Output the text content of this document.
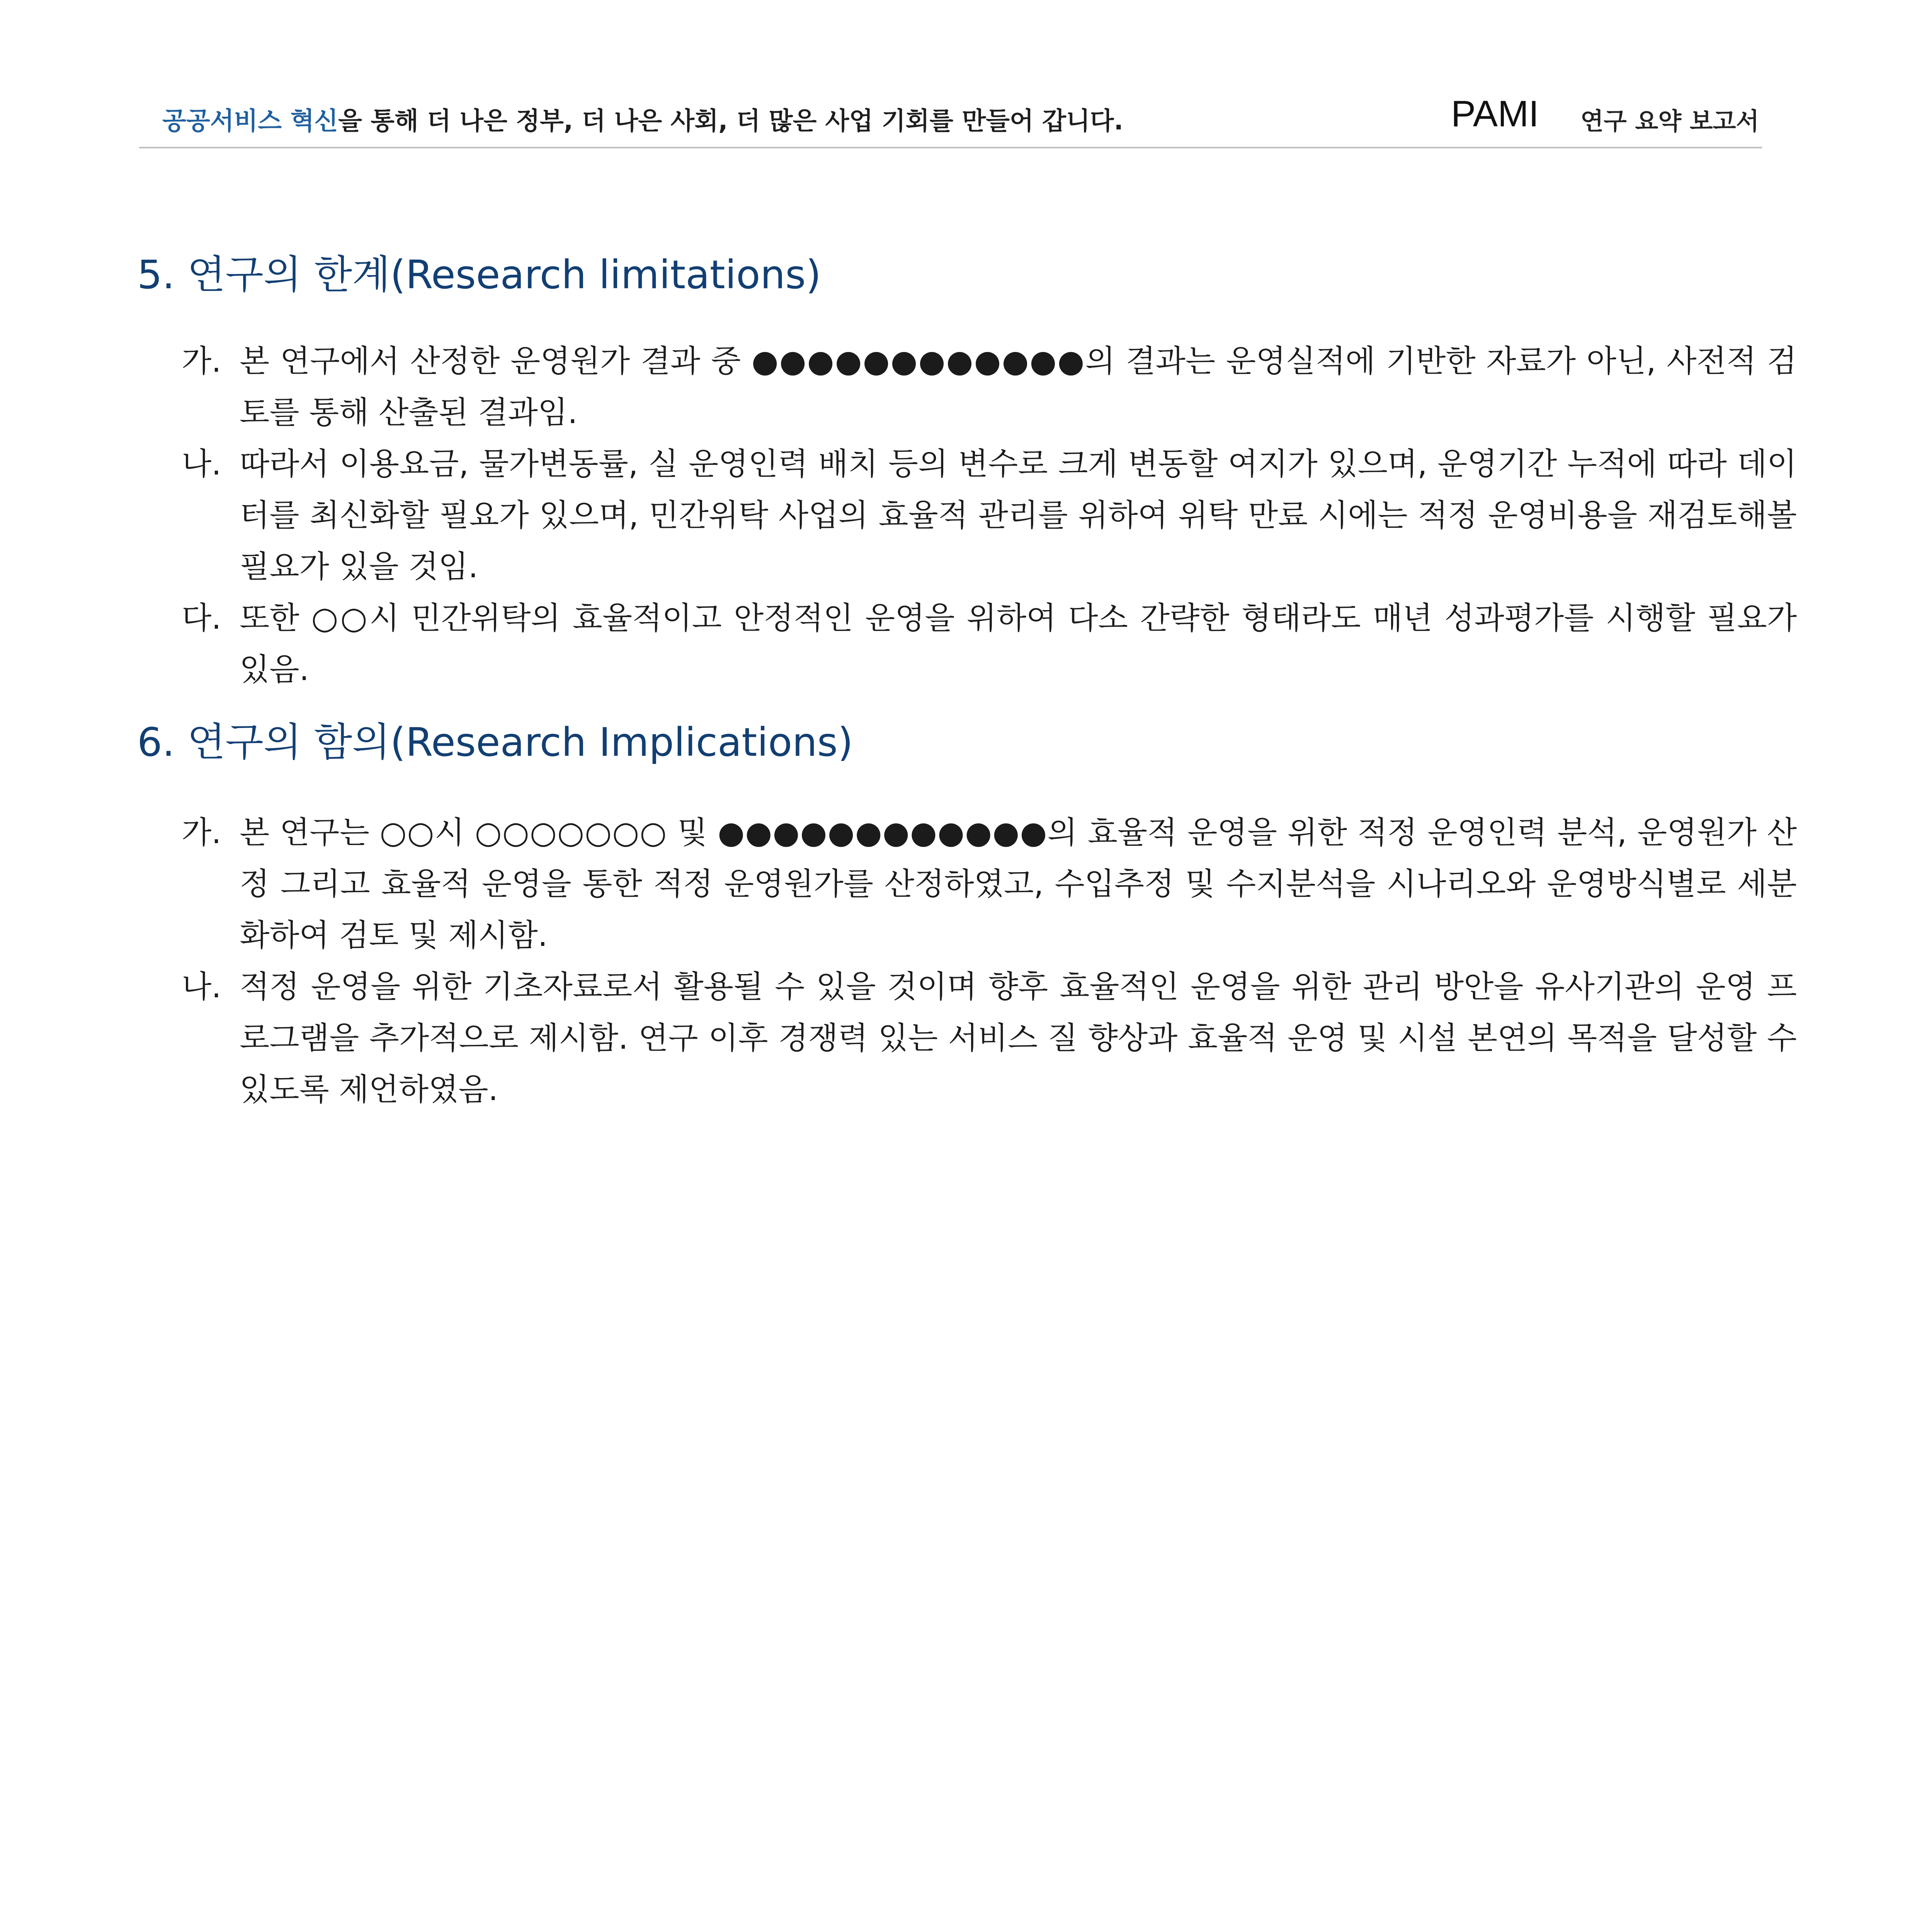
공공서비스 혁신을 통해 더 나은 정부, 더 나은 사회, 더 많은 사업 기회를 만들어 갑니다.	PAMI 연구 요약 보고서
5. 연구의 한계(Research limitations)

가. 본 연구에서 산정한 운영원가 결과 중 ●●●●●●●●●●●●의 결과는 운영실적에 기반한 자료가 아닌, 사전적 검토를 통해 산출된 결과임.

나. 따라서 이용요금, 물가변동률, 실 운영인력 배치 등의 변수로 크게 변동할 여지가 있으며, 운영기간 누적에 따라 데이터를 최신화할 필요가 있으며, 민간위탁 사업의 효율적 관리를 위하여 위탁 만료 시에는 적정 운영비용을 재검토해볼 필요가 있을 것임.

다. 또한 ○○시 민간위탁의 효율적이고 안정적인 운영을 위하여 다소 간략한 형태라도 매년 성과평가를 시행할 필요가 있음.

6. 연구의 함의(Research Implications)

가. 본 연구는 ○○시 ○○○○○○○ 및 ●●●●●●●●●●●●의 효율적 운영을 위한 적정 운영인력 분석, 운영원가 산정 그리고 효율적 운영을 통한 적정 운영원가를 산정하였고, 수입추정 및 수지분석을 시나리오와 운영방식별로 세분화하여 검토 및 제시함.

나. 적정 운영을 위한 기초자료로서 활용될 수 있을 것이며 향후 효율적인 운영을 위한 관리 방안을 유사기관의 운영 프로그램을 추가적으로 제시함. 연구 이후 경쟁력 있는 서비스 질 향상과 효율적 운영 및 시설 본연의 목적을 달성할 수 있도록 제언하였음.
